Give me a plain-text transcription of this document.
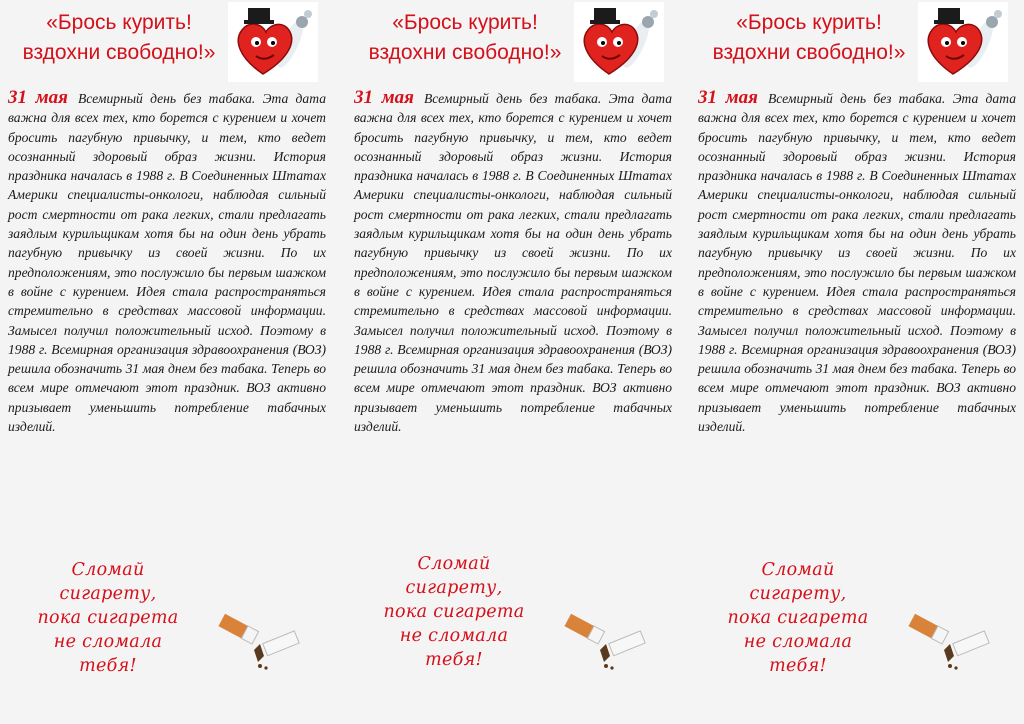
«Брось курить!
вздохни свободно!»

31 мая Всемирный день без табака. Эта дата важна для всех тех, кто борется с курением и хочет бросить пагубную привычку, и тем, кто ведет осознанный здоровый образ жизни. История праздника началась в 1988 г. В Соединенных Штатах Америки специалисты-онкологи, наблюдая сильный рост смертности от рака легких, стали предлагать заядлым курильщикам хотя бы на один день убрать пагубную привычку из своей жизни. По их предположениям, это послужило бы первым шажком в войне с курением. Идея стала распространяться стремительно в средствах массовой информации. Замысел получил положительный исход. Поэтому в 1988 г. Всемирная организация здравоохранения (ВОЗ) решила обозначить 31 мая днем без табака. Теперь во всем мире отмечают этот праздник. ВОЗ активно призывает уменьшить потребление табачных изделий.

Сломай
сигарету,
пока сигарета
не сломала
тебя!

«Брось курить!
вздохни свободно!»

31 мая Всемирный день без табака. Эта дата важна для всех тех, кто борется с курением и хочет бросить пагубную привычку, и тем, кто ведет осознанный здоровый образ жизни. История праздника началась в 1988 г. В Соединенных Штатах Америки специалисты-онкологи, наблюдая сильный рост смертности от рака легких, стали предлагать заядлым курильщикам хотя бы на один день убрать пагубную привычку из своей жизни. По их предположениям, это послужило бы первым шажком в войне с курением. Идея стала распространяться стремительно в средствах массовой информации. Замысел получил положительный исход. Поэтому в 1988 г. Всемирная организация здравоохранения (ВОЗ) решила обозначить 31 мая днем без табака. Теперь во всем мире отмечают этот праздник. ВОЗ активно призывает уменьшить потребление табачных изделий.

Сломай
сигарету,
пока сигарета
не сломала
тебя!

«Брось курить!
вздохни свободно!»

31 мая Всемирный день без табака. Эта дата важна для всех тех, кто борется с курением и хочет бросить пагубную привычку, и тем, кто ведет осознанный здоровый образ жизни. История праздника началась в 1988 г. В Соединенных Штатах Америки специалисты-онкологи, наблюдая сильный рост смертности от рака легких, стали предлагать заядлым курильщикам хотя бы на один день убрать пагубную привычку из своей жизни. По их предположениям, это послужило бы первым шажком в войне с курением. Идея стала распространяться стремительно в средствах массовой информации. Замысел получил положительный исход. Поэтому в 1988 г. Всемирная организация здравоохранения (ВОЗ) решила обозначить 31 мая днем без табака. Теперь во всем мире отмечают этот праздник. ВОЗ активно призывает уменьшить потребление табачных изделий.

Сломай
сигарету,
пока сигарета
не сломала
тебя!
